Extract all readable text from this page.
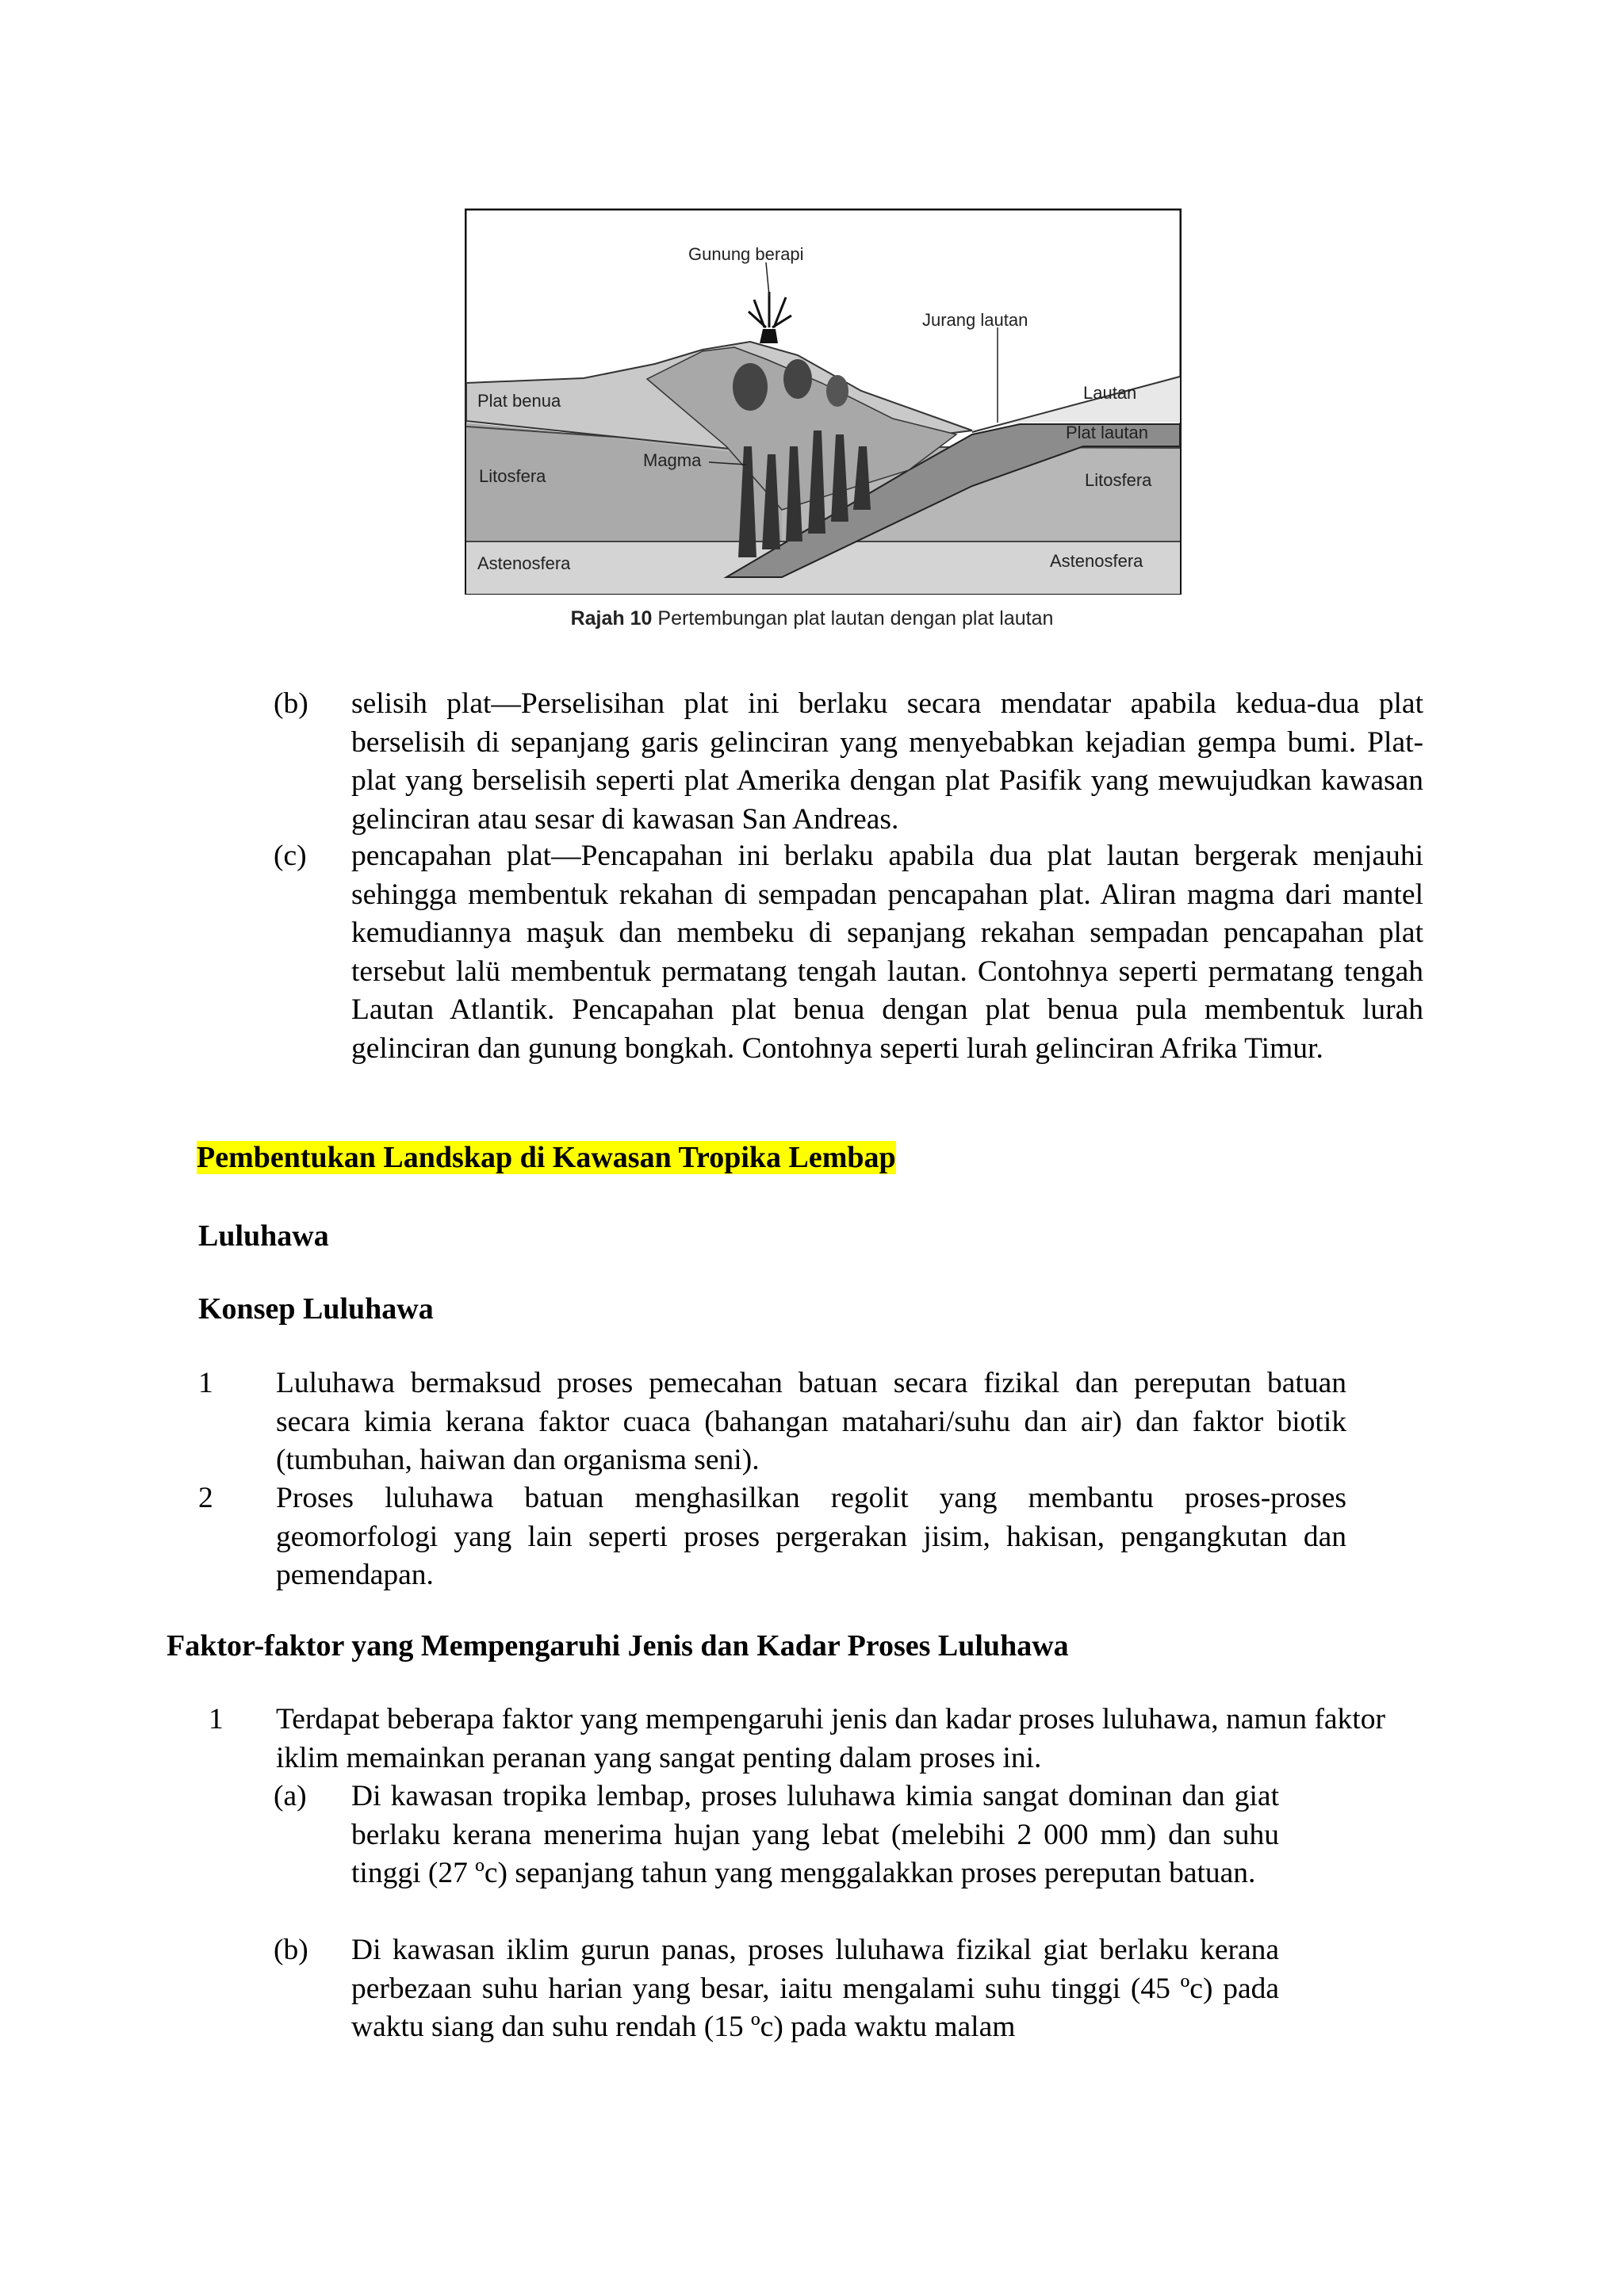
Gunung berapi
Jurang lautan
Plat benua	Lautan
Plat lautan
Magma
Litosfera	Litosfera
Astenosfera	Astenosfera
Rajah 10 Pertembungan plat lautan dengan plat lautan
(b) selisih plat—Perselisihan plat ini berlaku secara mendatar apabila kedua-dua plat berselisih di sepanjang garis gelinciran yang menyebabkan kejadian gempa bumi. Plat-plat yang berselisih seperti plat Amerika dengan plat Pasifik yang mewujudkan kawasan gelinciran atau sesar di kawasan San Andreas.

(c) pencapahan plat—Pencapahan ini berlaku apabila dua plat lautan bergerak menjauhi sehingga membentuk rekahan di sempadan pencapahan plat. Aliran magma dari mantel kemudiannya maşuk dan membeku di sepanjang rekahan sempadan pencapahan plat tersebut lalü membentuk permatang tengah lautan. Contohnya seperti permatang tengah Lautan Atlantik. Pencapahan plat benua dengan plat benua pula membentuk lurah gelinciran dan gunung bongkah. Contohnya seperti lurah gelinciran Afrika Timur.

Pembentukan Landskap di Kawasan Tropika Lembap
Luluhawa
Konsep Luluhawa
1 Luluhawa bermaksud proses pemecahan batuan secara fizikal dan pereputan batuan secara kimia kerana faktor cuaca (bahangan matahari/suhu dan air) dan faktor biotik (tumbuhan, haiwan dan organisma seni).

2 Proses luluhawa batuan menghasilkan regolit yang membantu proses-proses geomorfologi yang lain seperti proses pergerakan jisim, hakisan, pengangkutan dan pemendapan.

Faktor-faktor yang Mempengaruhi Jenis dan Kadar Proses Luluhawa
1 Terdapat beberapa faktor yang mempengaruhi jenis dan kadar proses luluhawa, namun faktor iklim memainkan peranan yang sangat penting dalam proses ini.

(a) Di kawasan tropika lembap, proses luluhawa kimia sangat dominan dan giat berlaku kerana menerima hujan yang lebat (melebihi 2 000 mm) dan suhu tinggi (27 ºc) sepanjang tahun yang menggalakkan proses pereputan batuan.

(b) Di kawasan iklim gurun panas, proses luluhawa fizikal giat berlaku kerana perbezaan suhu harian yang besar, iaitu mengalami suhu tinggi (45 ºc) pada waktu siang dan suhu rendah (15 ºc) pada waktu malam
